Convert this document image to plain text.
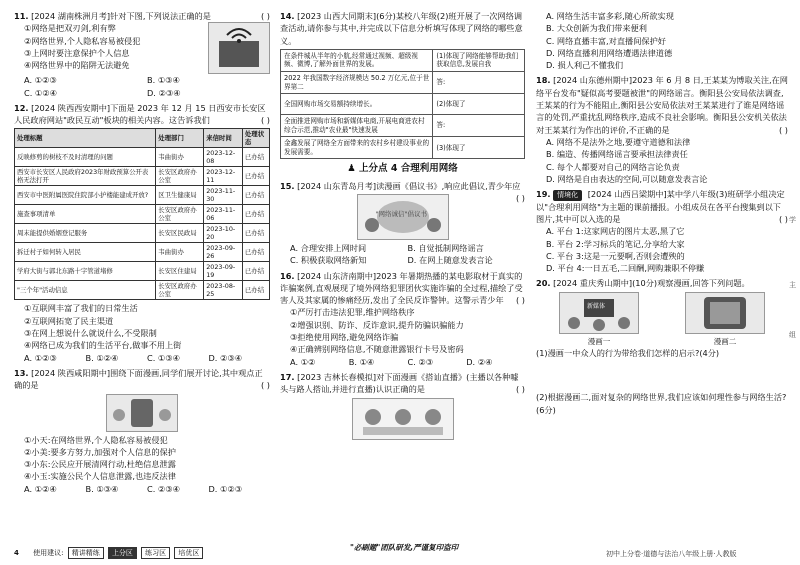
11. [2024 湖南株洲月考]针对下图,下列说法正确的是	( )
①网络是把双刃剑,利有弊
②网络世界,个人隐私容易被侵犯
③上网时要注意保护个人信息
④网络世界中的陷阱无法避免
A. ①②③	B. ①③④
C. ①②④	D. ②③④
12. [2024 陕西西安期中]下面是 2023 年 12 月 15 日西安市长安区人民政府网站"政民互动"板块的相关内容。这告诉我们	( )
处理标题	处理部门	来信时间	处理状态
反映修剪的树枝不及时清理的问题	韦曲街办	2023-12-08	已办结
西安市长安区人民政府2023年财政预算公开表格无法打开	长安区政府办公室	2023-12-11	已办结
西安市中医附属医院住院部小护楼能建成开放?	区卫生健康局	2023-11-30	已办结
施查事项清单	长安区政府办公室	2023-11-06	已办结
周末能提供婚姻登记服务	长安区民政局	2023-10-20	已办结
拆迁村子如何转入居民	韦曲街办	2023-09-26	已办结
学府大街与郭北东路十字管道堵修	长安区住建局	2023-09-19	已办结
"三个年"活动信息	长安区政府办公室	2023-08-25	已办结
①互联网丰富了我们的日常生活
②互联网拓宽了民主渠道
③在网上想说什么就说什么,不受限制
④网络已成为我们的生活平台,做事不用上街
A. ①②③	B. ①②④	C. ①③④	D. ②③④
13. [2024 陕西咸阳期中]围绕下面漫画,同学们展开讨论,其中观点正确的是	( )
①小天:在网络世界,个人隐私容易被侵犯
②小美:要多方努力,加强对个人信息的保护
③小东:公民应开展清网行动,杜绝信息泄露
④小玉:实施公民个人信息泄露,也违反法律
A. ①②④	B. ①③④	C. ②③④	D. ①②③
14. [2023 山西大同期末](6分)某校八年级(2)班开展了一次网络调查活动,请你参与其中,并完成以下信息分析填写体现了网络的哪些意义。
在条件城从半年的小航,经常通过视频、超级视频、微博,了解外面世界的发展。	(1)体现了网络能够帮助我们获取信息,发展自我
2022 年我国数字经济规模达 50.2 万亿元,位于世界第二	答:
全国网购市场交易额持续增长。	(2)体现了
全面推进网购市场和新媒体电商,开展电商进农村综合示范,推动"农业最"快速发展	答:
金鑫发展了网络全方面带来的农村乡村建设事业的发展需要。	(3)体现了
♟ 上分点 4 合理利用网络
15. [2024 山东青岛月考]读漫画《倡议书》,响应此倡议,青少年应
( )
"网络诚信"倡议书
A. 合理安排上网时间	B. 自觉抵制网络谣言
C. 积极获取网络新知	D. 在网上随意发表言论
16. [2024 山东济南期中]2023 年暑期热播的某电影取材于真实的诈骗案例,直观展现了境外网络犯罪团伙实施诈骗的全过程,描绘了受害人及其家属的惨痛经历,发出了全民反诈警钟。这警示青少年 ( )
①严厉打击违法犯罪,维护网络秩序
②增强识别、防诈、反诈意识,提升防骗识骗能力
③拒绝使用网络,避免网络诈骗
④正确辨别网络信息,不随意泄露银行卡号及密码
A. ①②	B. ①④	C. ②③	D. ②④
17. [2023 吉林长春模拟]对下面漫画《搭讪直播》(主播以各种噱头与路人搭讪,并进行直播)认识正确的是	( )
A. 网络生活丰富多彩,随心所欲实现
B. 大众创新为我们带来便利
C. 网络直播丰富,对直播间保护好
D. 网络直播利用网络遭遇法律道德
D. 损人利己不懂我们
18. [2024 山东德州期中]2023 年 6 月 8 日,王某某为博取关注,在网络平台发布"疑似高考要题被泄"的网络谣言。衡阳县公安局依法调查,王某某的行为不能阻止,衡阳县公安局依法对王某某进行了谁是网络谣言的处罚,严重扰乱网络秩序,造成不良社会影响。衡阳县公安机关依法对王某某行为作出的评价,不正确的是	( )
A. 网络不是法外之地,要遵守道德和法律
B. 编造、传播网络谣言要承担法律责任
C. 每个人都要对自己的网络言论负责
D. 网络是自由表达的空间,可以随意发表言论
19. 情境化 [2024 山西吕梁期中]某中学八年级(3)班研学小组决定以"合理利用网络"为主题的课前播报。小组成员在各平台搜集到以下图片,其中可以入选的是	( )
A. 平台 1:这家网店的图片太恶,黑了它
B. 平台 2:学习标兵的笔记,分享给大家
C. 平台 3:这是一元要啊,否则会遭殃的
D. 平台 4:一日五毛,二回酬,网购兼职不停赚
20. [2024 重庆秀山期中](10分)观察漫画,回答下列问题。
新媒体
漫画一	漫画二
(1)漫画一中众人的行为带给我们怎样的启示?(4分)
(2)根据漫画二,面对复杂的网络世界,我们应该如何理性参与网络生活?(6分)
学
主
组
4 使用建议: 精讲精练 上分区 练习区 培优区
"必刷题"团队研发,严谨复印盗印
初中上分卷·道德与法治八年级上册·人教版
